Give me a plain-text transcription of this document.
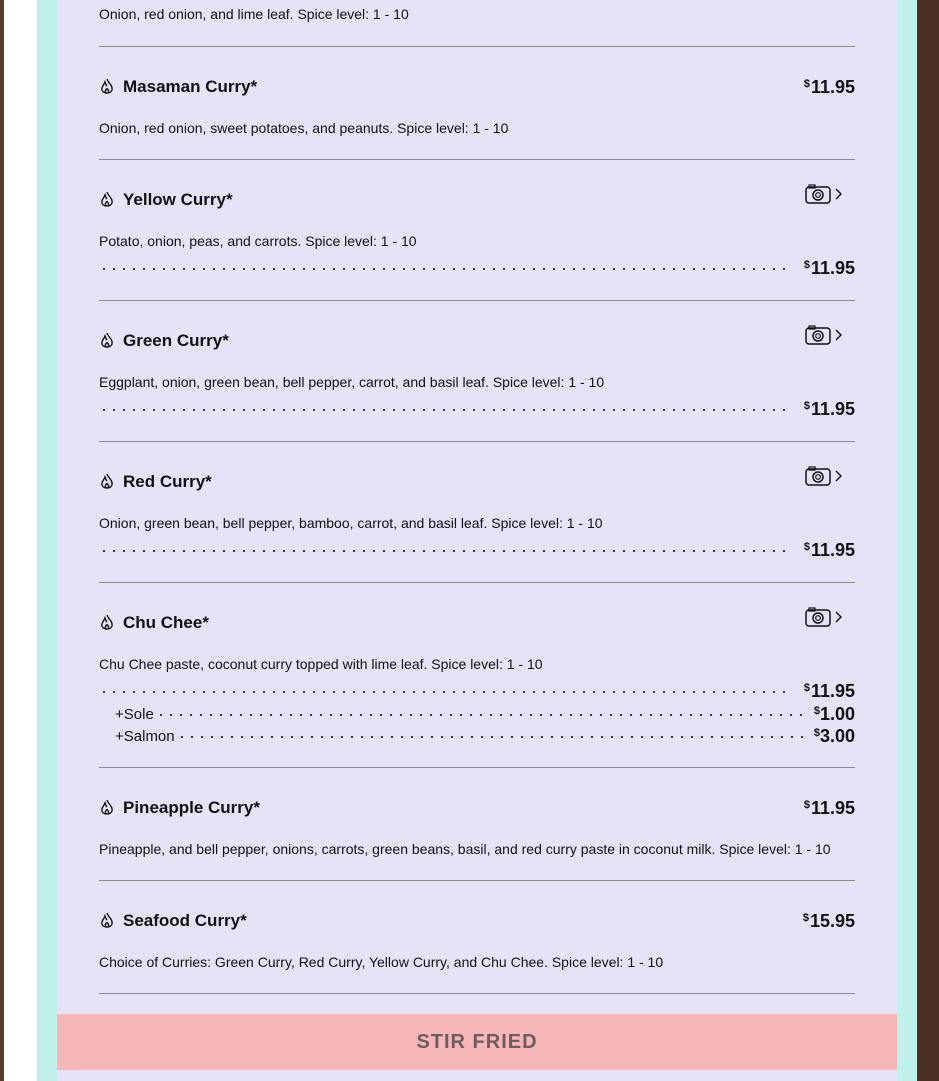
Onion, red onion, and lime leaf. Spice level: 1 - 10
Masaman Curry*	$11.95
Onion, red onion, sweet potatoes, and peanuts. Spice level: 1 - 10
Yellow Curry*
Potato, onion, peas, and carrots. Spice level: 1 - 10
$11.95
Green Curry*
Eggplant, onion, green bean, bell pepper, carrot, and basil leaf. Spice level: 1 - 10
$11.95
Red Curry*
Onion, green bean, bell pepper, bamboo, carrot, and basil leaf. Spice level: 1 - 10
$11.95
Chu Chee*
Chu Chee paste, coconut curry topped with lime leaf. Spice level: 1 - 10
$11.95
+Sole	$1.00
+Salmon	$3.00
Pineapple Curry*	$11.95
Pineapple, and bell pepper, onions, carrots, green beans, basil, and red curry paste in coconut milk. Spice level: 1 - 10
Seafood Curry*	$15.95
Choice of Curries: Green Curry, Red Curry, Yellow Curry, and Chu Chee. Spice level: 1 - 10
STIR FRIED
